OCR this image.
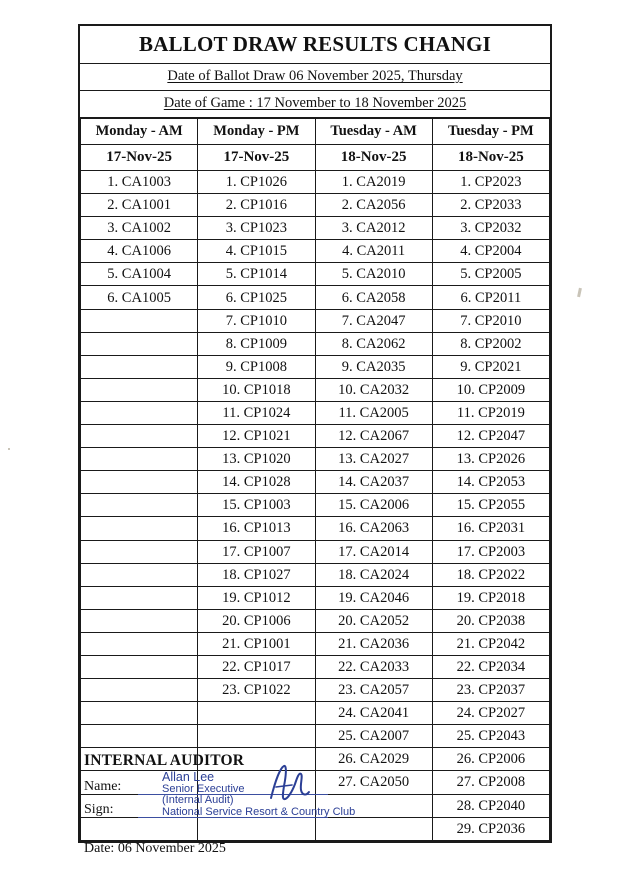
BALLOT DRAW RESULTS CHANGI
Date of Ballot Draw 06 November 2025, Thursday
Date of Game : 17 November to 18 November 2025
Monday - AM	Monday - PM	Tuesday - AM	Tuesday - PM
17-Nov-25	17-Nov-25	18-Nov-25	18-Nov-25
1. CA1003	1. CP1026	1. CA2019	1. CP2023
2. CA1001	2. CP1016	2. CA2056	2. CP2033
3. CA1002	3. CP1023	3. CA2012	3. CP2032
4. CA1006	4. CP1015	4. CA2011	4. CP2004
5. CA1004	5. CP1014	5. CA2010	5. CP2005
6. CA1005	6. CP1025	6. CA2058	6. CP2011
	7. CP1010	7. CA2047	7. CP2010
	8. CP1009	8. CA2062	8. CP2002
	9. CP1008	9. CA2035	9. CP2021
	10. CP1018	10. CA2032	10. CP2009
	11. CP1024	11. CA2005	11. CP2019
	12. CP1021	12. CA2067	12. CP2047
	13. CP1020	13. CA2027	13. CP2026
	14. CP1028	14. CA2037	14. CP2053
	15. CP1003	15. CA2006	15. CP2055
	16. CP1013	16. CA2063	16. CP2031
	17. CP1007	17. CA2014	17. CP2003
	18. CP1027	18. CA2024	18. CP2022
	19. CP1012	19. CA2046	19. CP2018
	20. CP1006	20. CA2052	20. CP2038
	21. CP1001	21. CA2036	21. CP2042
	22. CP1017	22. CA2033	22. CP2034
	23. CP1022	23. CA2057	23. CP2037
		24. CA2041	24. CP2027
		25. CA2007	25. CP2043
		26. CA2029	26. CP2006
		27. CA2050	27. CP2008
			28. CP2040
			29. CP2036
INTERNAL AUDITOR
Name:
Sign:
Date: 06 November 2025
Allan Lee
Senior Executive
(Internal Audit)
National Service Resort & Country Club
